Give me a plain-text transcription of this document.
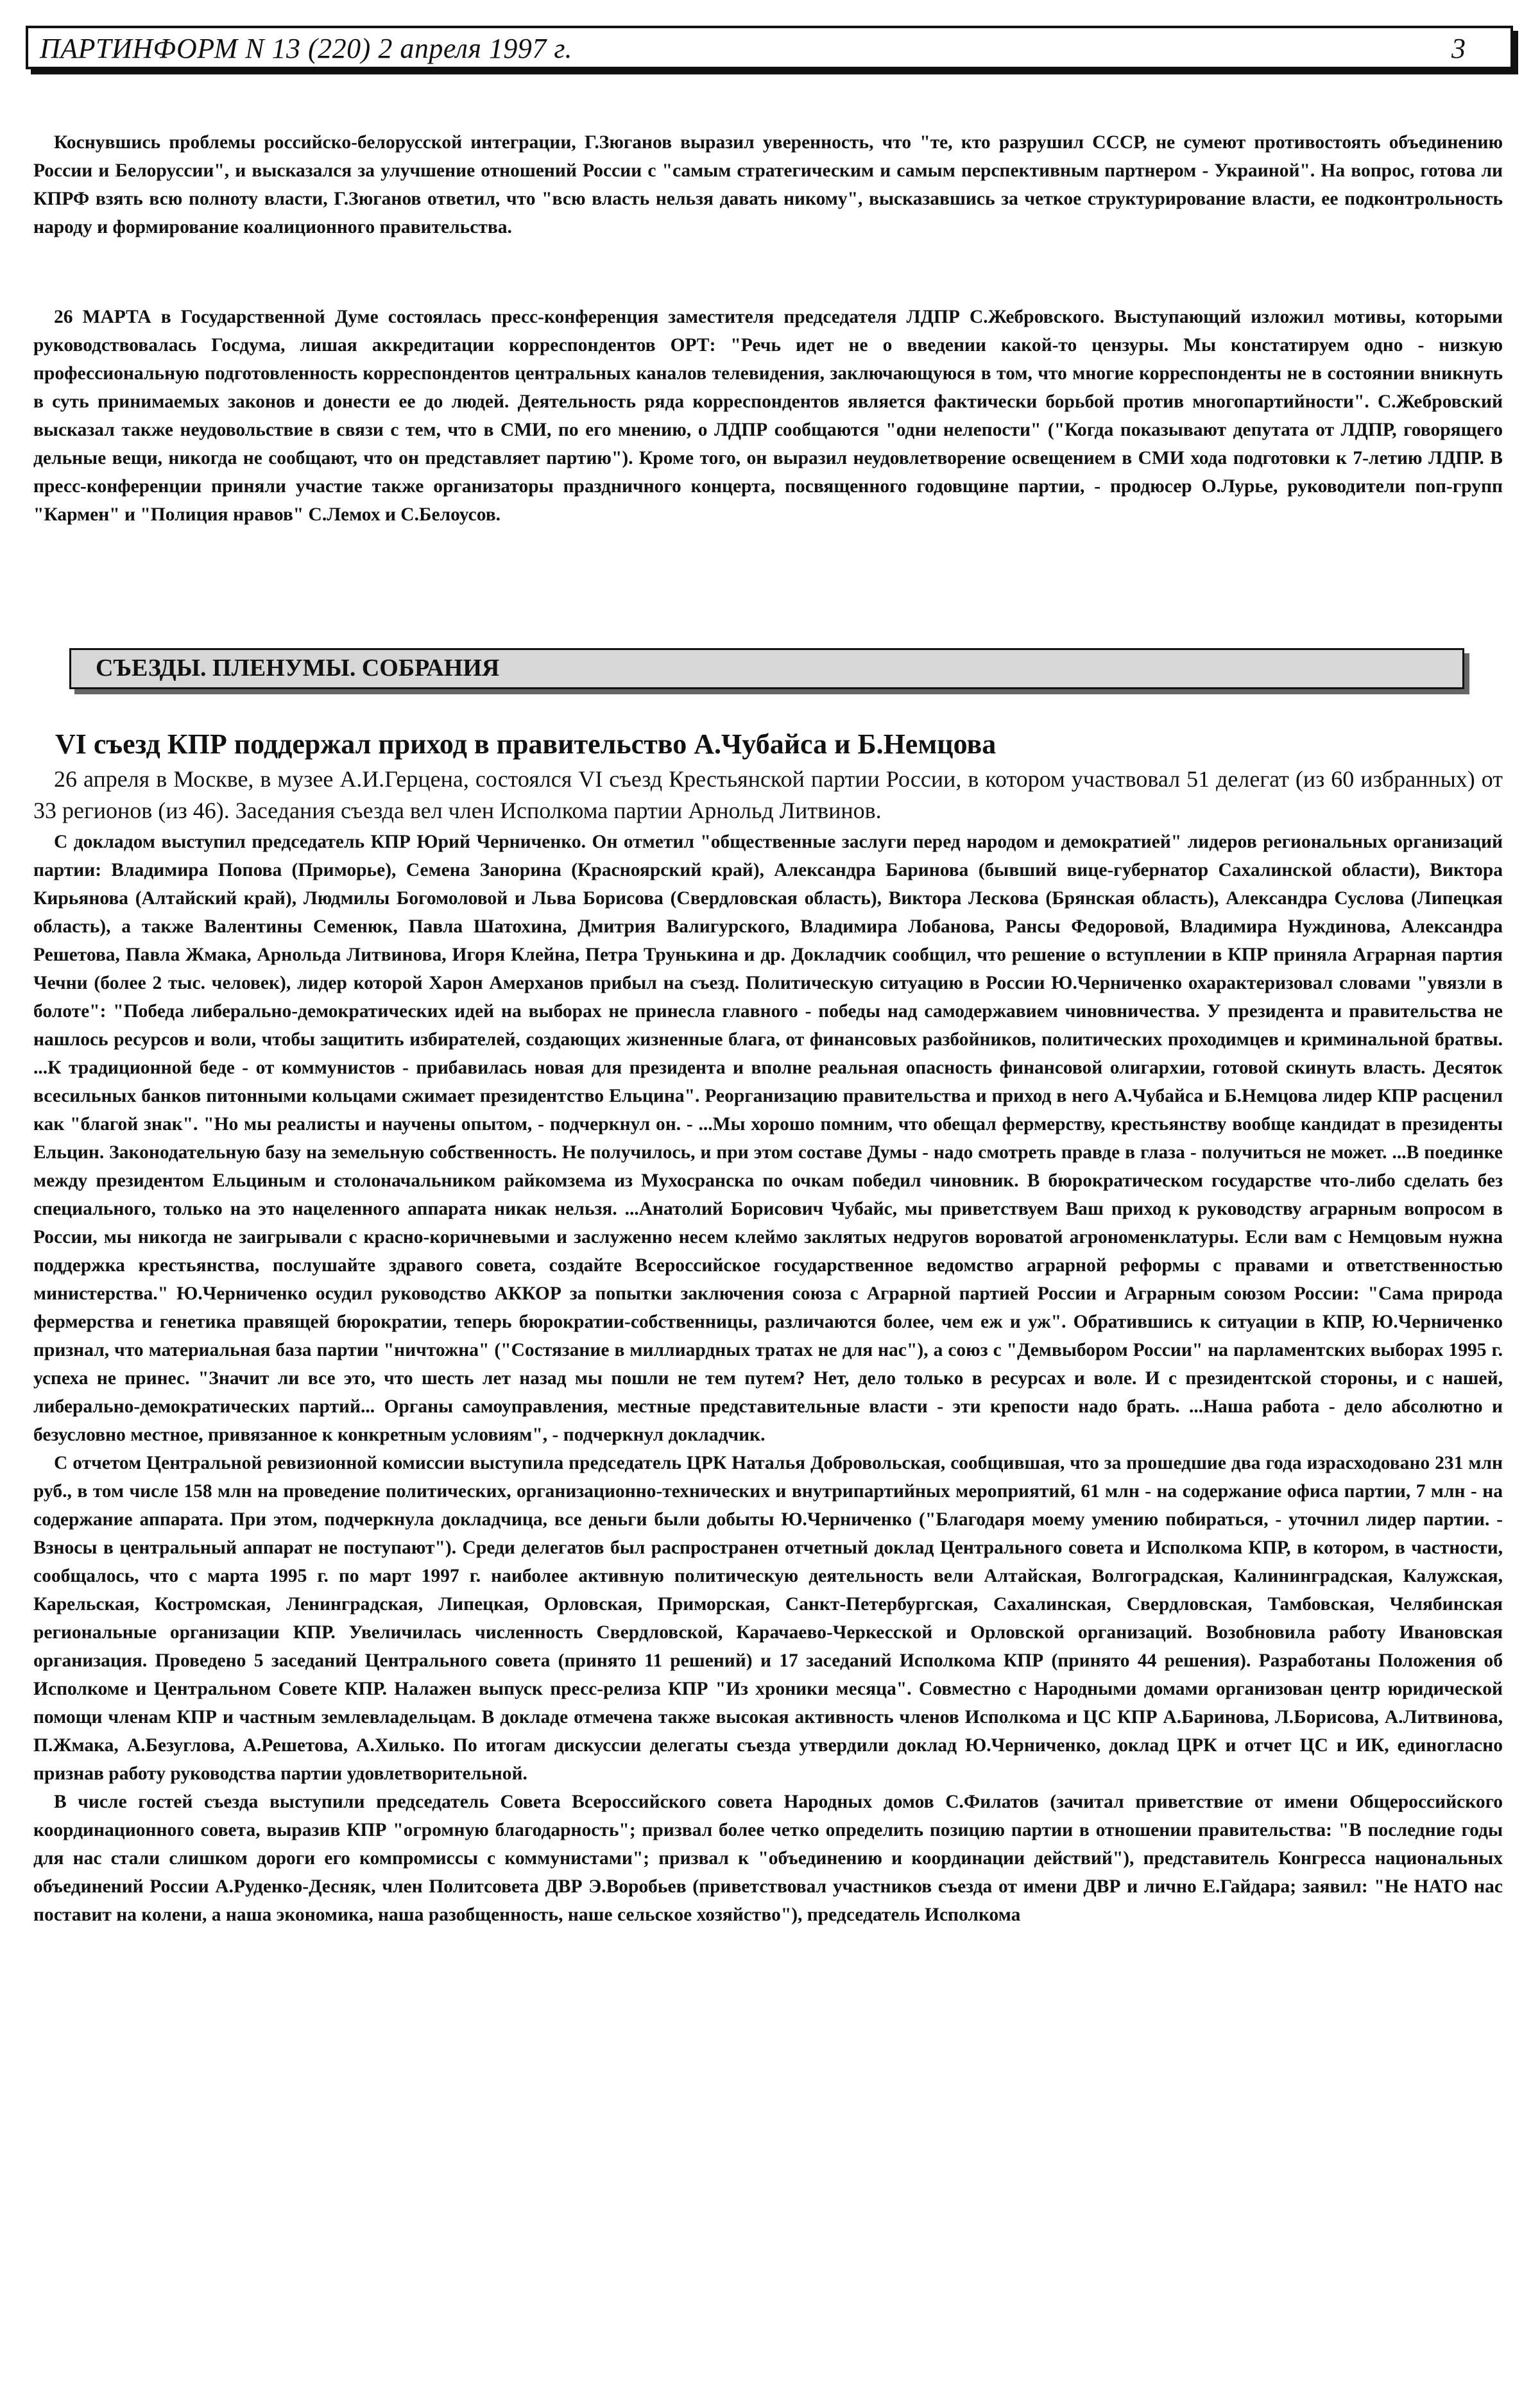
ПАРТИНФОРМ N 13 (220) 2 апреля 1997 г.	3

Коснувшись проблемы российско-белорусской интеграции, Г.Зюганов выразил уверенность, что "те, кто разрушил СССР, не сумеют противостоять объединению России и Белоруссии", и высказался за улучшение отношений России с "самым стратегическим и самым перспективным партнером - Украиной". На вопрос, готова ли КПРФ взять всю полноту власти, Г.Зюганов ответил, что "всю власть нельзя давать никому", высказавшись за четкое структурирование власти, ее подконтрольность народу и формирование коалиционного правительства.

26 МАРТА в Государственной Думе состоялась пресс-конференция заместителя председателя ЛДПР С.Жебровского. Выступающий изложил мотивы, которыми руководствовалась Госдума, лишая аккредитации корреспондентов ОРТ: "Речь идет не о введении какой-то цензуры. Мы констатируем одно - низкую профессиональную подготовленность корреспондентов центральных каналов телевидения, заключающуюся в том, что многие корреспонденты не в состоянии вникнуть в суть принимаемых законов и донести ее до людей. Деятельность ряда корреспондентов является фактически борьбой против многопартийности". С.Жебровский высказал также неудовольствие в связи с тем, что в СМИ, по его мнению, о ЛДПР сообщаются "одни нелепости" ("Когда показывают депутата от ЛДПР, говорящего дельные вещи, никогда не сообщают, что он представляет партию"). Кроме того, он выразил неудовлетворение освещением в СМИ хода подготовки к 7-летию ЛДПР. В пресс-конференции приняли участие также организаторы праздничного концерта, посвященного годовщине партии, - продюсер О.Лурье, руководители поп-групп "Кармен" и "Полиция нравов" С.Лемох и С.Белоусов.

СЪЕЗДЫ. ПЛЕНУМЫ. СОБРАНИЯ
VI съезд КПР поддержал приход в правительство А.Чубайса и Б.Немцова

26 апреля в Москве, в музее А.И.Герцена, состоялся VI съезд Крестьянской партии России, в котором участвовал 51 делегат (из 60 избранных) от 33 регионов (из 46). Заседания съезда вел член Исполкома партии Арнольд Литвинов.

С докладом выступил председатель КПР Юрий Черниченко. Он отметил "общественные заслуги перед народом и демократией" лидеров региональных организаций партии: Владимира Попова (Приморье), Семена Занорина (Красноярский край), Александра Баринова (бывший вице-губернатор Сахалинской области), Виктора Кирьянова (Алтайский край), Людмилы Богомоловой и Льва Борисова (Свердловская область), Виктора Лескова (Брянская область), Александра Суслова (Липецкая область), а также Валентины Семенюк, Павла Шатохина, Дмитрия Валигурского, Владимира Лобанова, Рансы Федоровой, Владимира Нуждинова, Александра Решетова, Павла Жмака, Арнольда Литвинова, Игоря Клейна, Петра Трунькина и др. Докладчик сообщил, что решение о вступлении в КПР приняла Аграрная партия Чечни (более 2 тыс. человек), лидер которой Харон Амерханов прибыл на съезд. Политическую ситуацию в России Ю.Черниченко охарактеризовал словами "увязли в болоте": "Победа либерально-демократических идей на выборах не принесла главного - победы над самодержавием чиновничества. У президента и правительства не нашлось ресурсов и воли, чтобы защитить избирателей, создающих жизненные блага, от финансовых разбойников, политических проходимцев и криминальной братвы. ...К традиционной беде - от коммунистов - прибавилась новая для президента и вполне реальная опасность финансовой олигархии, готовой скинуть власть. Десяток всесильных банков питонными кольцами сжимает президентство Ельцина". Реорганизацию правительства и приход в него А.Чубайса и Б.Немцова лидер КПР расценил как "благой знак". "Но мы реалисты и научены опытом, - подчеркнул он. - ...Мы хорошо помним, что обещал фермерству, крестьянству вообще кандидат в президенты Ельцин. Законодательную базу на земельную собственность. Не получилось, и при этом составе Думы - надо смотреть правде в глаза - получиться не может. ...В поединке между президентом Ельциным и столоначальником райкомзема из Мухосранска по очкам победил чиновник. В бюрократическом государстве что-либо сделать без специального, только на это нацеленного аппарата никак нельзя. ...Анатолий Борисович Чубайс, мы приветствуем Ваш приход к руководству аграрным вопросом в России, мы никогда не заигрывали с красно-коричневыми и заслуженно несем клеймо заклятых недругов вороватой агрономенклатуры. Если вам с Немцовым нужна поддержка крестьянства, послушайте здравого совета, создайте Всероссийское государственное ведомство аграрной реформы с правами и ответственностью министерства." Ю.Черниченко осудил руководство АККОР за попытки заключения союза с Аграрной партией России и Аграрным союзом России: "Сама природа фермерства и генетика правящей бюрократии, теперь бюрократии-собственницы, различаются более, чем еж и уж". Обратившись к ситуации в КПР, Ю.Черниченко признал, что материальная база партии "ничтожна" ("Состязание в миллиардных тратах не для нас"), а союз с "Демвыбором России" на парламентских выборах 1995 г. успеха не принес. "Значит ли все это, что шесть лет назад мы пошли не тем путем? Нет, дело только в ресурсах и воле. И с президентской стороны, и с нашей, либерально-демократических партий... Органы самоуправления, местные представительные власти - эти крепости надо брать. ...Наша работа - дело абсолютно и безусловно местное, привязанное к конкретным условиям", - подчеркнул докладчик.

С отчетом Центральной ревизионной комиссии выступила председатель ЦРК Наталья Добровольская, сообщившая, что за прошедшие два года израсходовано 231 млн руб., в том числе 158 млн на проведение политических, организационно-технических и внутрипартийных мероприятий, 61 млн - на содержание офиса партии, 7 млн - на содержание аппарата. При этом, подчеркнула докладчица, все деньги были добыты Ю.Черниченко ("Благодаря моему умению побираться, - уточнил лидер партии. - Взносы в центральный аппарат не поступают"). Среди делегатов был распространен отчетный доклад Центрального совета и Исполкома КПР, в котором, в частности, сообщалось, что с марта 1995 г. по март 1997 г. наиболее активную политическую деятельность вели Алтайская, Волгоградская, Калининградская, Калужская, Карельская, Костромская, Ленинградская, Липецкая, Орловская, Приморская, Санкт-Петербургская, Сахалинская, Свердловская, Тамбовская, Челябинская региональные организации КПР. Увеличилась численность Свердловской, Карачаево-Черкесской и Орловской организаций. Возобновила работу Ивановская организация. Проведено 5 заседаний Центрального совета (принято 11 решений) и 17 заседаний Исполкома КПР (принято 44 решения). Разработаны Положения об Исполкоме и Центральном Совете КПР. Налажен выпуск пресс-релиза КПР "Из хроники месяца". Совместно с Народными домами организован центр юридической помощи членам КПР и частным землевладельцам. В докладе отмечена также высокая активность членов Исполкома и ЦС КПР А.Баринова, Л.Борисова, А.Литвинова, П.Жмака, А.Безуглова, А.Решетова, А.Хилько. По итогам дискуссии делегаты съезда утвердили доклад Ю.Черниченко, доклад ЦРК и отчет ЦС и ИК, единогласно признав работу руководства партии удовлетворительной.

В числе гостей съезда выступили председатель Совета Всероссийского совета Народных домов С.Филатов (зачитал приветствие от имени Общероссийского координационного совета, выразив КПР "огромную благодарность"; призвал более четко определить позицию партии в отношении правительства: "В последние годы для нас стали слишком дороги его компромиссы с коммунистами"; призвал к "объединению и координации действий"), представитель Конгресса национальных объединений России А.Руденко-Десняк, член Политсовета ДВР Э.Воробьев (приветствовал участников съезда от имени ДВР и лично Е.Гайдара; заявил: "Не НАТО нас поставит на колени, а наша экономика, наша разобщенность, наше сельское хозяйство"), председатель Исполкома
